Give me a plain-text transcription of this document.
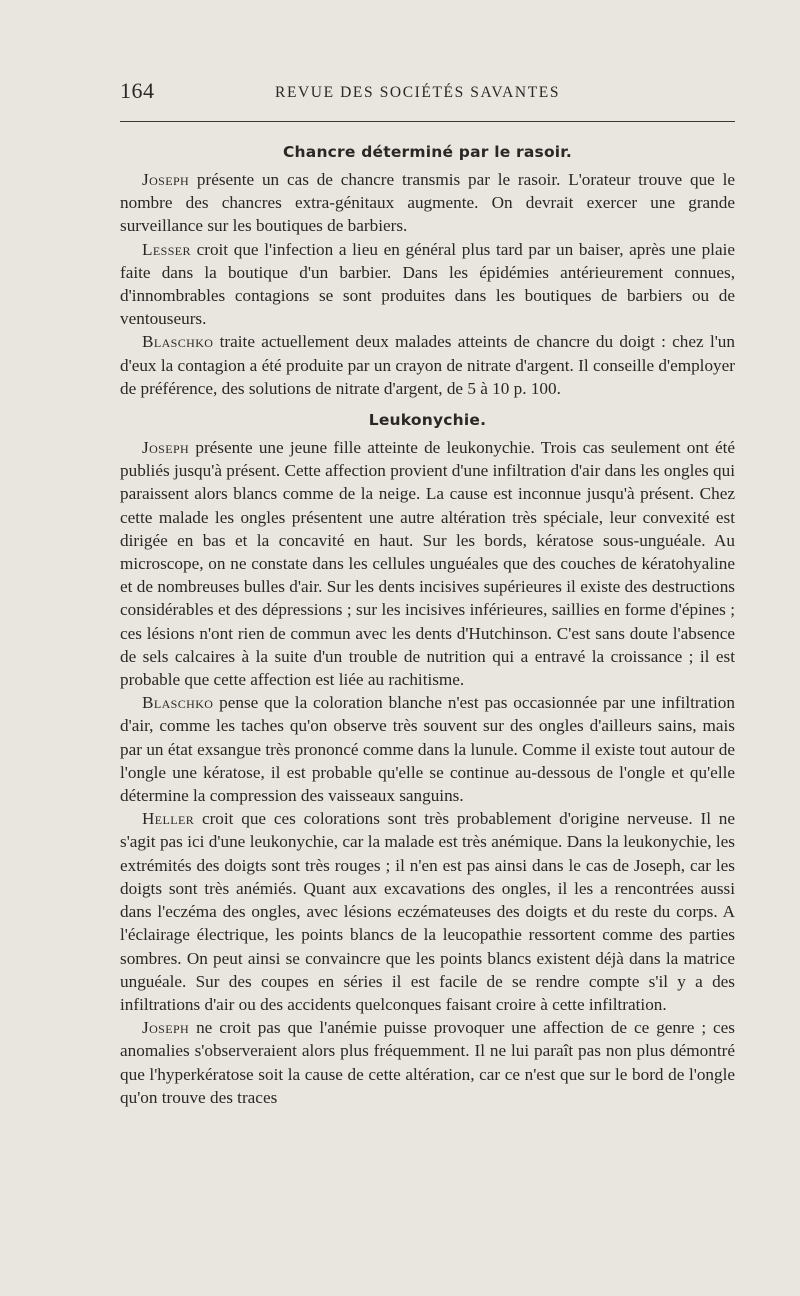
164	REVUE DES SOCIÉTÉS SAVANTES
Chancre déterminé par le rasoir.

Joseph présente un cas de chancre transmis par le rasoir. L'orateur trouve que le nombre des chancres extra-génitaux augmente. On devrait exercer une grande surveillance sur les boutiques de barbiers.

Lesser croit que l'infection a lieu en général plus tard par un baiser, après une plaie faite dans la boutique d'un barbier. Dans les épidémies antérieurement connues, d'innombrables contagions se sont produites dans les boutiques de barbiers ou de ventouseurs.

Blaschko traite actuellement deux malades atteints de chancre du doigt : chez l'un d'eux la contagion a été produite par un crayon de nitrate d'argent. Il conseille d'employer de préférence, des solutions de nitrate d'argent, de 5 à 10 p. 100.

Leukonychie.

Joseph présente une jeune fille atteinte de leukonychie. Trois cas seulement ont été publiés jusqu'à présent. Cette affection provient d'une infiltration d'air dans les ongles qui paraissent alors blancs comme de la neige. La cause est inconnue jusqu'à présent. Chez cette malade les ongles présentent une autre altération très spéciale, leur convexité est dirigée en bas et la concavité en haut. Sur les bords, kératose sous-unguéale. Au microscope, on ne constate dans les cellules unguéales que des couches de kératohyaline et de nombreuses bulles d'air. Sur les dents incisives supérieures il existe des destructions considérables et des dépressions ; sur les incisives inférieures, saillies en forme d'épines ; ces lésions n'ont rien de commun avec les dents d'Hutchinson. C'est sans doute l'absence de sels calcaires à la suite d'un trouble de nutrition qui a entravé la croissance ; il est probable que cette affection est liée au rachitisme.

Blaschko pense que la coloration blanche n'est pas occasionnée par une infiltration d'air, comme les taches qu'on observe très souvent sur des ongles d'ailleurs sains, mais par un état exsangue très prononcé comme dans la lunule. Comme il existe tout autour de l'ongle une kératose, il est probable qu'elle se continue au-dessous de l'ongle et qu'elle détermine la compression des vaisseaux sanguins.

Heller croit que ces colorations sont très probablement d'origine nerveuse. Il ne s'agit pas ici d'une leukonychie, car la malade est très anémique. Dans la leukonychie, les extrémités des doigts sont très rouges ; il n'en est pas ainsi dans le cas de Joseph, car les doigts sont très anémiés. Quant aux excavations des ongles, il les a rencontrées aussi dans l'eczéma des ongles, avec lésions eczémateuses des doigts et du reste du corps. A l'éclairage électrique, les points blancs de la leucopathie ressortent comme des parties sombres. On peut ainsi se convaincre que les points blancs existent déjà dans la matrice unguéale. Sur des coupes en séries il est facile de se rendre compte s'il y a des infiltrations d'air ou des accidents quelconques faisant croire à cette infiltration.

Joseph ne croit pas que l'anémie puisse provoquer une affection de ce genre ; ces anomalies s'observeraient alors plus fréquemment. Il ne lui paraît pas non plus démontré que l'hyperkératose soit la cause de cette altération, car ce n'est que sur le bord de l'ongle qu'on trouve des traces
